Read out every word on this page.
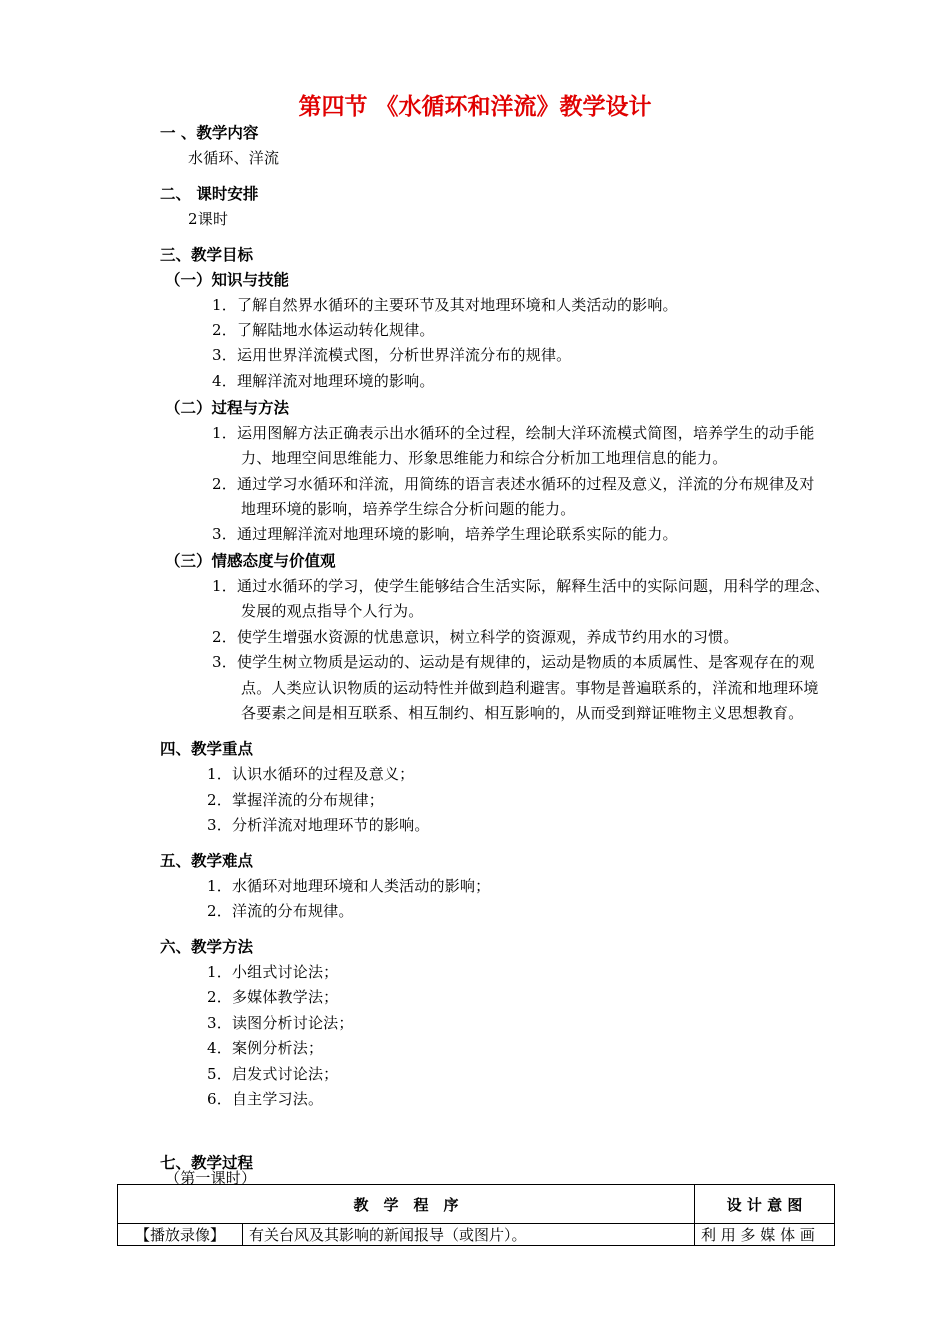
第四节 《水循环和洋流》教学设计
一 、教学内容
水循环、洋流
二、 课时安排
2课时
三、教学目标
（一）知识与技能
1．了解自然界水循环的主要环节及其对地理环境和人类活动的影响。
2．了解陆地水体运动转化规律。
3．运用世界洋流模式图，分析世界洋流分布的规律。
4．理解洋流对地理环境的影响。
（二）过程与方法
1．运用图解方法正确表示出水循环的全过程，绘制大洋环流模式简图，培养学生的动手能
力、地理空间思维能力、形象思维能力和综合分析加工地理信息的能力。
2．通过学习水循环和洋流，用简练的语言表述水循环的过程及意义，洋流的分布规律及对
地理环境的影响，培养学生综合分析问题的能力。
3．通过理解洋流对地理环境的影响，培养学生理论联系实际的能力。
（三）情感态度与价值观
1．通过水循环的学习，使学生能够结合生活实际，解释生活中的实际问题，用科学的理念、
发展的观点指导个人行为。
2．使学生增强水资源的忧患意识，树立科学的资源观，养成节约用水的习惯。
3．使学生树立物质是运动的、运动是有规律的，运动是物质的本质属性、是客观存在的观
点。人类应认识物质的运动特性并做到趋利避害。事物是普遍联系的，洋流和地理环境
各要素之间是相互联系、相互制约、相互影响的，从而受到辩证唯物主义思想教育。
四、教学重点
1．认识水循环的过程及意义；
2．掌握洋流的分布规律；
3．分析洋流对地理环节的影响。
五、教学难点
1．水循环对地理环境和人类活动的影响；
2．洋流的分布规律。
六、教学方法
1．小组式讨论法；
2．多媒体教学法；
3．读图分析讨论法；
4．案例分析法；
5．启发式讨论法；
6．自主学习法。
七、教学过程
（第一课时）
教　学　程　序		设 计 意 图
【播放录像】	有关台风及其影响的新闻报导（或图片）。	利 用 多 媒 体 画
